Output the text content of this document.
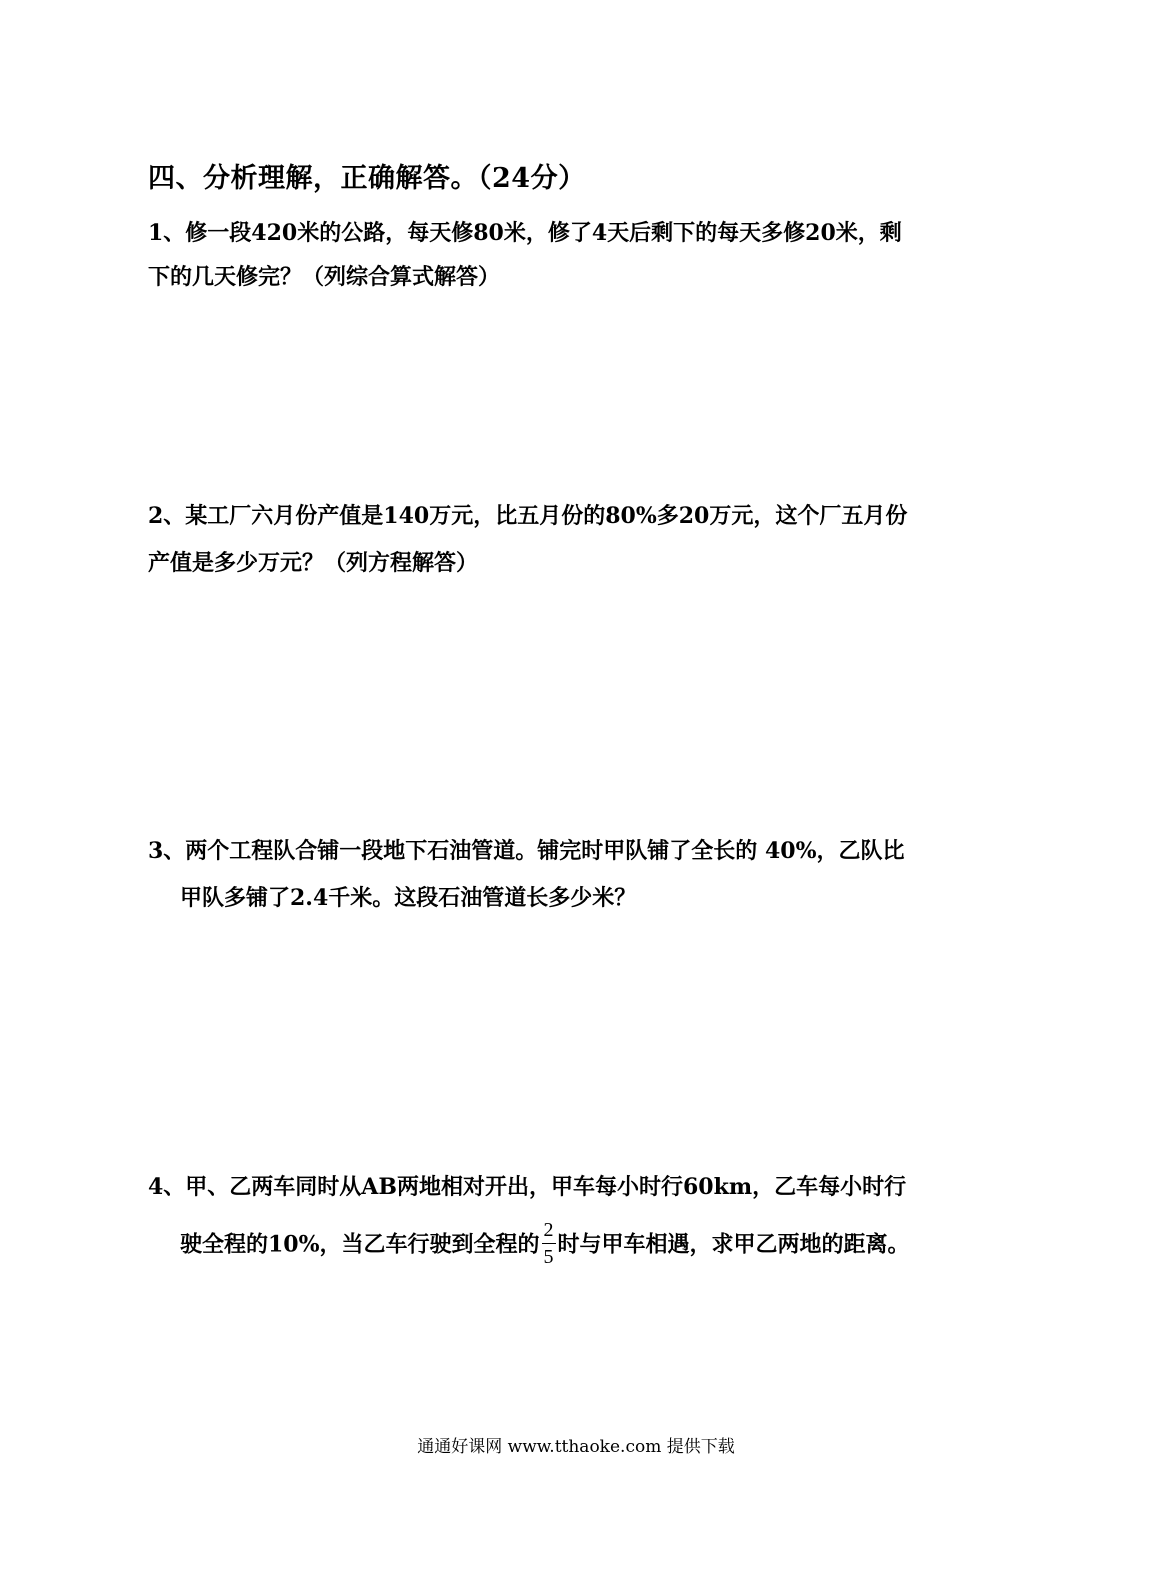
四、分析理解，正确解答。（24分）
1、修一段420米的公路，每天修80米，修了4天后剩下的每天多修20米，剩
下的几天修完？（列综合算式解答）
2、某工厂六月份产值是140万元，比五月份的80%多20万元，这个厂五月份
产值是多少万元？（列方程解答）
3、两个工程队合铺一段地下石油管道。铺完时甲队铺了全长的 40%，乙队比
甲队多铺了2.4千米。这段石油管道长多少米？
4、甲、乙两车同时从AB两地相对开出，甲车每小时行60km，乙车每小时行
驶全程的10%，当乙车行驶到全程的 $\frac{2}{5}$ 时与甲车相遇，求甲乙两地的距离。
通通好课网 www.tthaoke.com 提供下载
